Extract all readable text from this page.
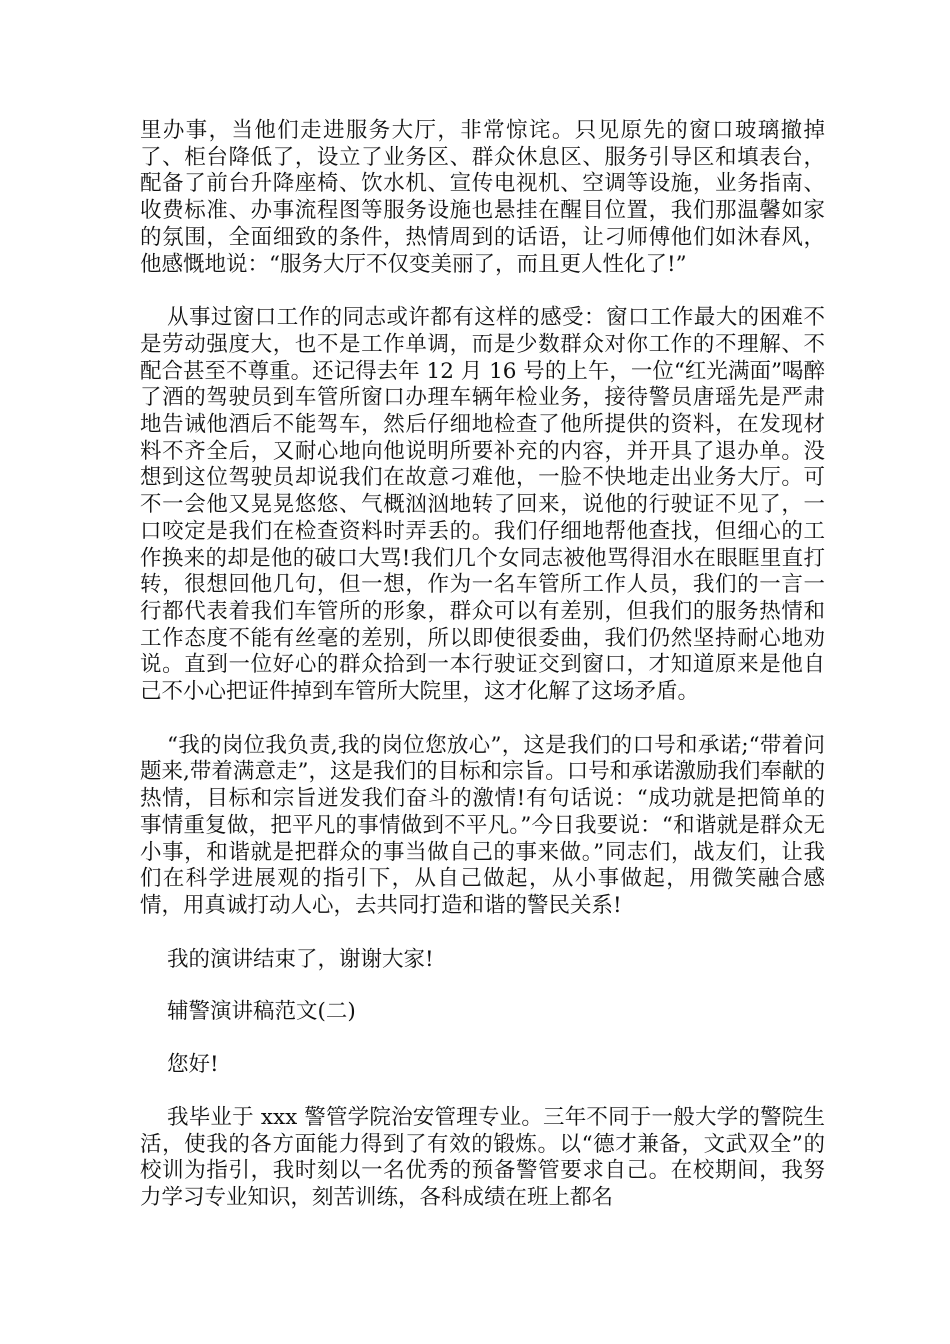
里办事，当他们走进服务大厅，非常惊诧。只见原先的窗口玻璃撤掉了、柜台降低了，设立了业务区、群众休息区、服务引导区和填表台，配备了前台升降座椅、饮水机、宣传电视机、空调等设施，业务指南、收费标准、办事流程图等服务设施也悬挂在醒目位置，我们那温馨如家的氛围，全面细致的条件，热情周到的话语，让刁师傅他们如沐春风，他感慨地说：“服务大厅不仅变美丽了，而且更人性化了!”

从事过窗口工作的同志或许都有这样的感受：窗口工作最大的困难不是劳动强度大，也不是工作单调，而是少数群众对你工作的不理解、不配合甚至不尊重。还记得去年 12 月 16 号的上午，一位“红光满面”喝醉了酒的驾驶员到车管所窗口办理车辆年检业务，接待警员唐瑶先是严肃地告诫他酒后不能驾车，然后仔细地检查了他所提供的资料，在发现材料不齐全后，又耐心地向他说明所要补充的内容，并开具了退办单。没想到这位驾驶员却说我们在故意刁难他，一脸不快地走出业务大厅。可不一会他又晃晃悠悠、气概汹汹地转了回来，说他的行驶证不见了，一口咬定是我们在检查资料时弄丢的。我们仔细地帮他查找，但细心的工作换来的却是他的破口大骂!我们几个女同志被他骂得泪水在眼眶里直打转，很想回他几句，但一想，作为一名车管所工作人员，我们的一言一行都代表着我们车管所的形象，群众可以有差别，但我们的服务热情和工作态度不能有丝毫的差别，所以即使很委曲，我们仍然坚持耐心地劝说。直到一位好心的群众拾到一本行驶证交到窗口，才知道原来是他自己不小心把证件掉到车管所大院里，这才化解了这场矛盾。

“我的岗位我负责,我的岗位您放心”，这是我们的口号和承诺;“带着问题来,带着满意走”，这是我们的目标和宗旨。口号和承诺激励我们奉献的热情，目标和宗旨迸发我们奋斗的激情!有句话说：“成功就是把简单的事情重复做，把平凡的事情做到不平凡。”今日我要说：“和谐就是群众无小事，和谐就是把群众的事当做自己的事来做。”同志们，战友们，让我们在科学进展观的指引下，从自己做起，从小事做起，用微笑融合感情，用真诚打动人心，去共同打造和谐的警民关系!

我的演讲结束了，谢谢大家!

辅警演讲稿范文(二)

您好!

我毕业于 xxx 警管学院治安管理专业。三年不同于一般大学的警院生活，使我的各方面能力得到了有效的锻炼。以“德才兼备，文武双全”的校训为指引，我时刻以一名优秀的预备警管要求自己。在校期间，我努力学习专业知识，刻苦训练，各科成绩在班上都名
